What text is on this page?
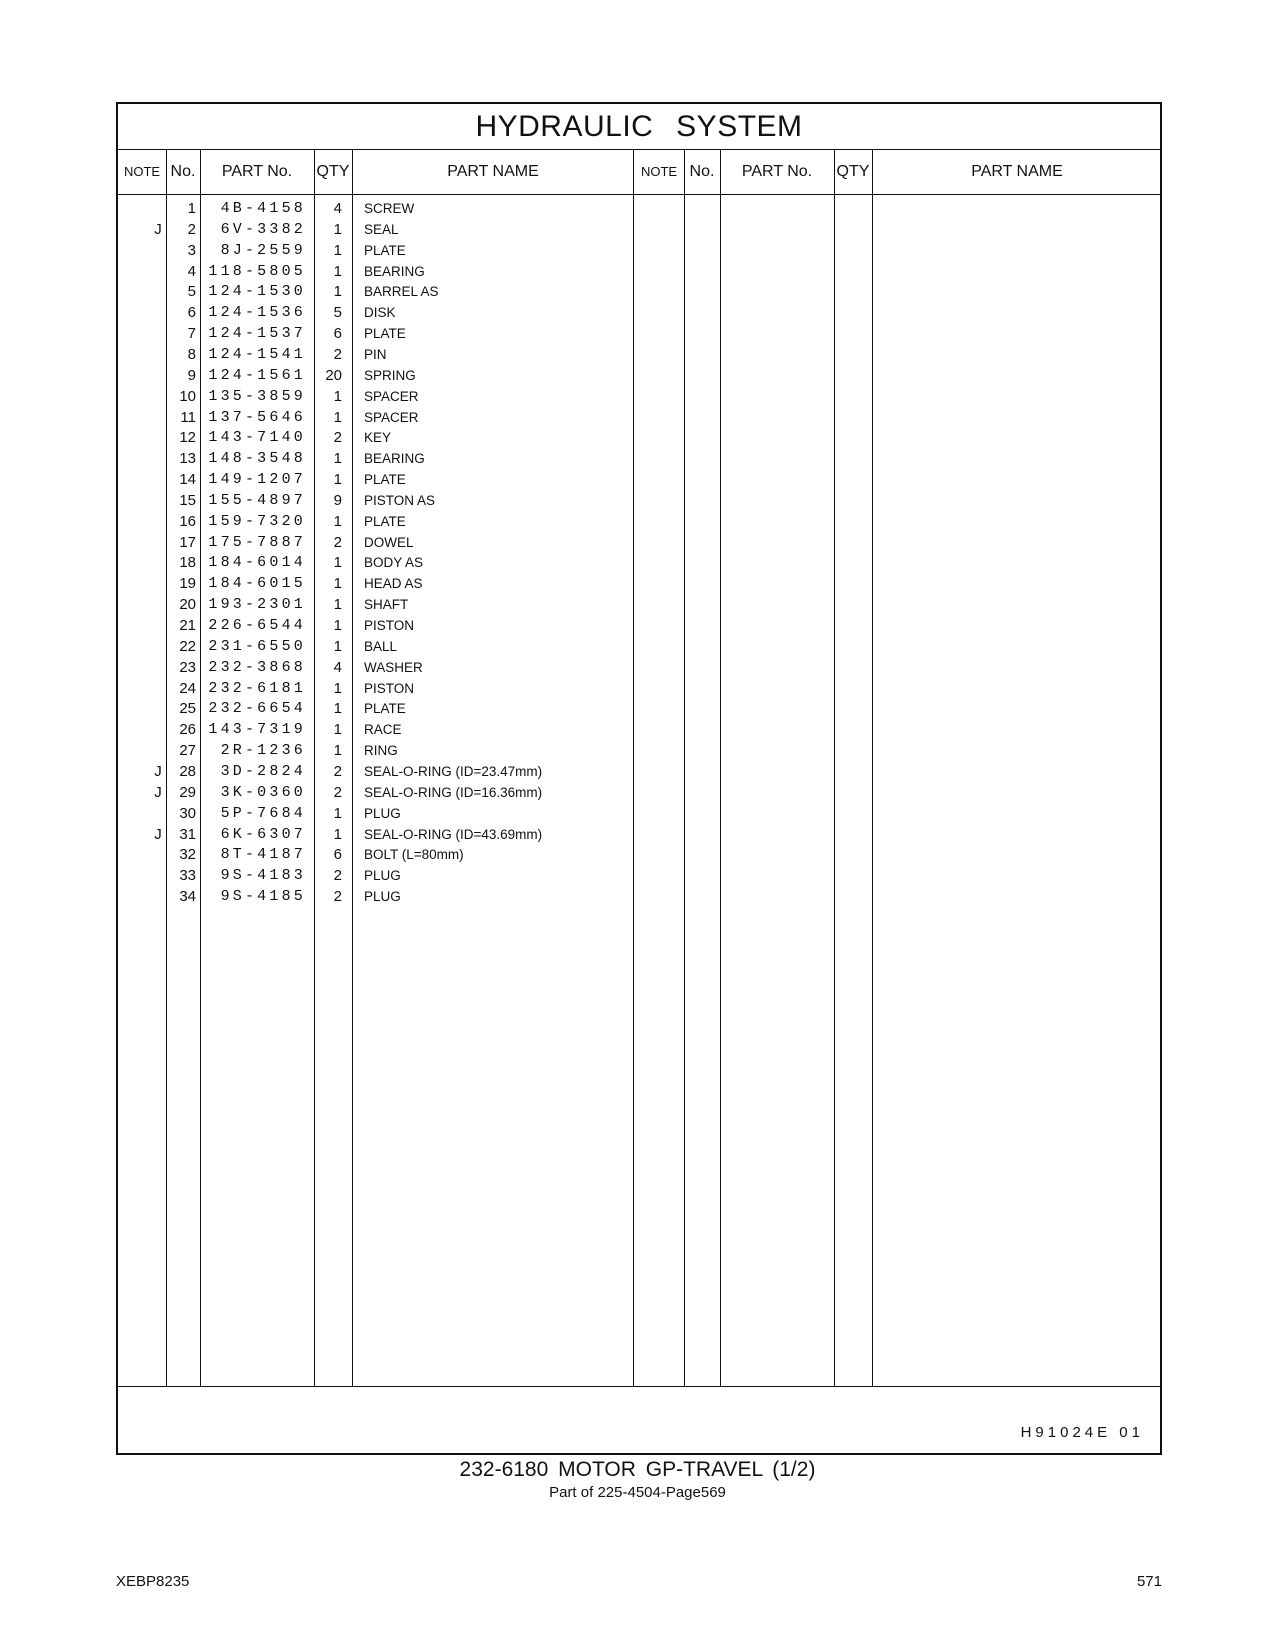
HYDRAULIC SYSTEM
NOTE No.	PART No.	QTY	PART NAME	NOTE No.	PART No.	QTY	PART NAME
1	4B-4158	4 SCREW
J	2	6V-3382	1 SEAL
3	8J-2559	1 PLATE
4 118-5805	1 BEARING
5 124-1530	1 BARREL AS
6 124-1536	5 DISK
7 124-1537	6 PLATE
8 124-1541	2 PIN
9 124-1561	20 SPRING
10 135-3859	1 SPACER
11 137-5646	1 SPACER
12 143-7140	2 KEY
13 148-3548	1 BEARING
14 149-1207	1 PLATE
15 155-4897	9 PISTON AS
16 159-7320	1 PLATE
17 175-7887	2 DOWEL
18 184-6014	1 BODY AS
19 184-6015	1 HEAD AS
20 193-2301	1 SHAFT
21 226-6544	1 PISTON
22 231-6550	1 BALL
23 232-3868	4 WASHER
24 232-6181	1 PISTON
25 232-6654	1 PLATE
26 143-7319	1 RACE
27	2R-1236	1 RING
J	28	3D-2824	2 SEAL-O-RING (ID=23.47mm)
J	29	3K-0360	2 SEAL-O-RING (ID=16.36mm)
30	5P-7684	1 PLUG
J	31	6K-6307	1 SEAL-O-RING (ID=43.69mm)
32	8T-4187	6 BOLT (L=80mm)
33	9S-4183	2 PLUG
34	9S-4185	2 PLUG
H91024E 01
232-6180 MOTOR GP-TRAVEL (1/2)
Part of 225-4504-Page569
XEBP8235	571
